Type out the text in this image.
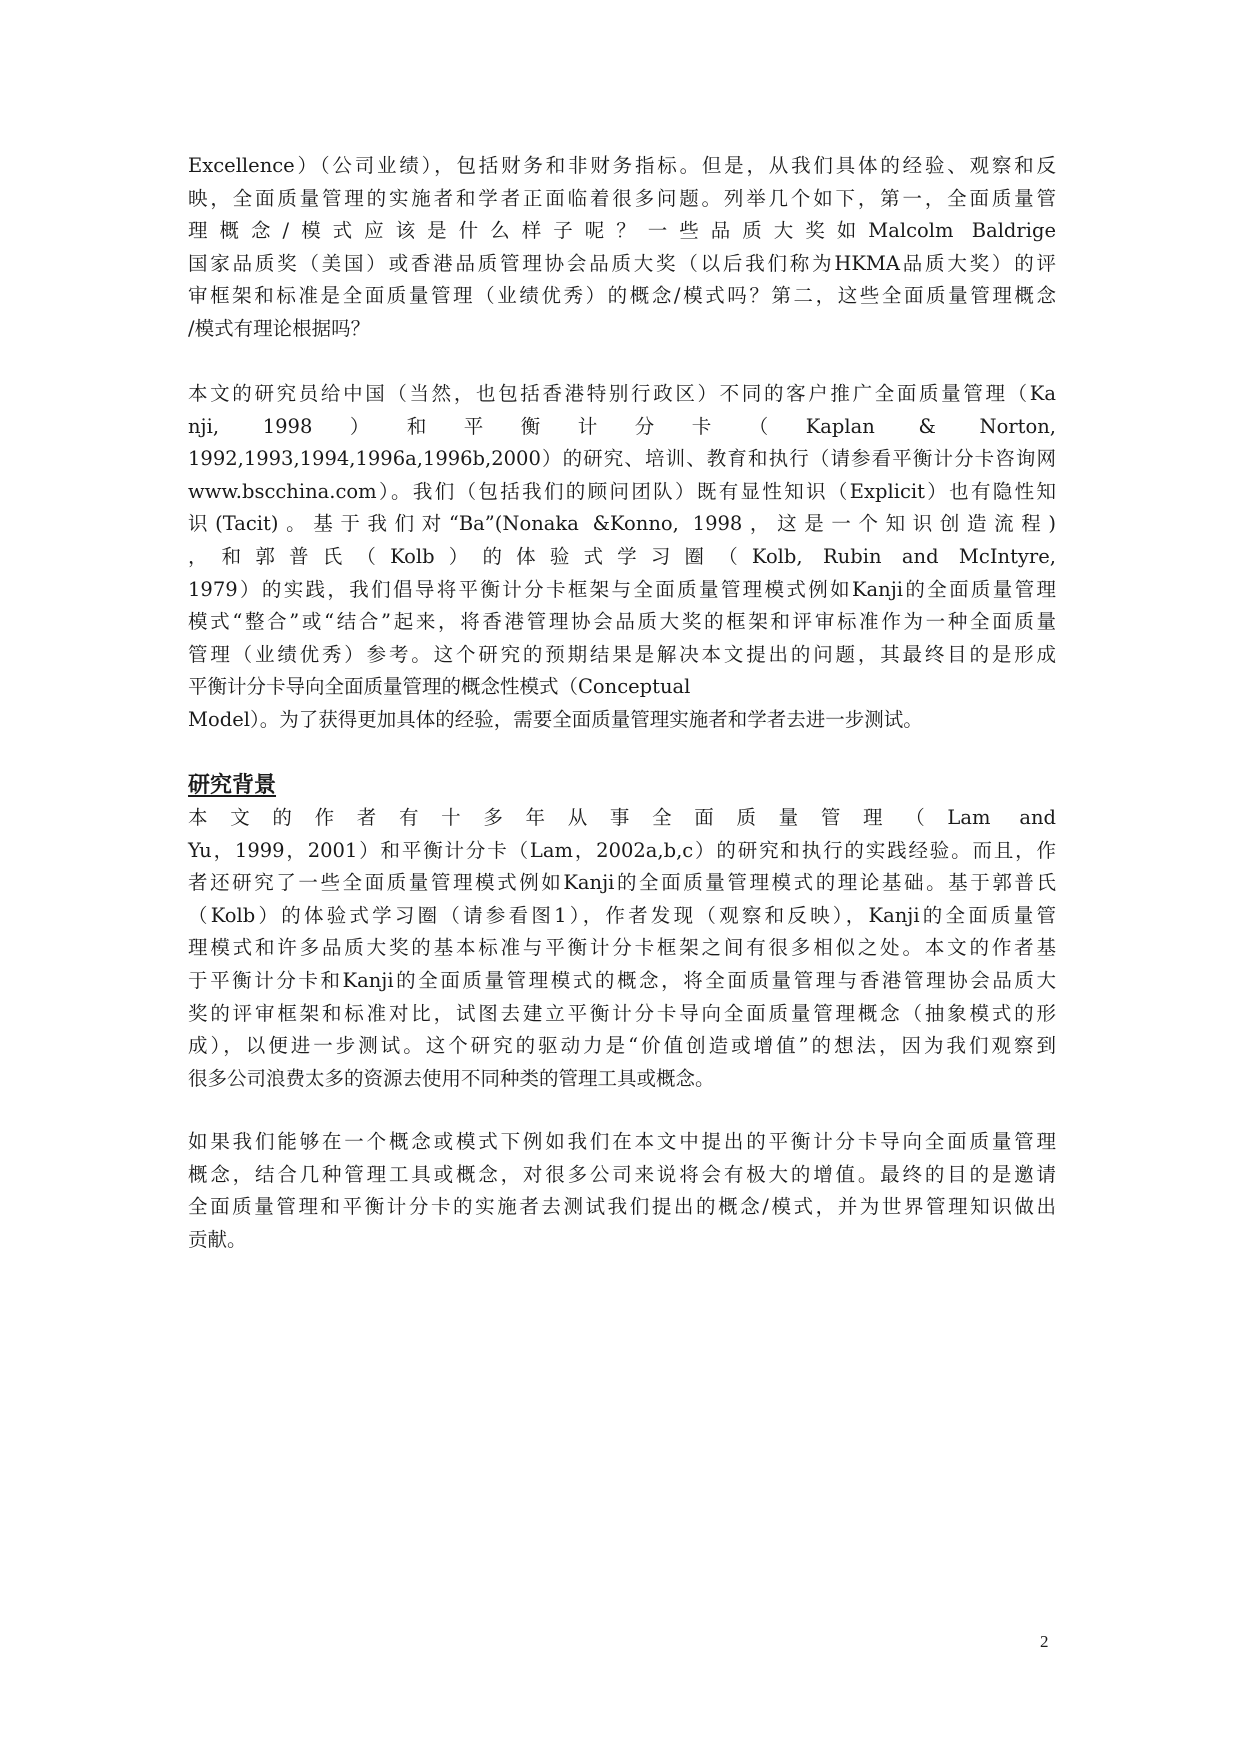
Excellence）（公司业绩），包括财务和非财务指标。但是，从我们具体的经验、观察和反
映，全面质量管理的实施者和学者正面临着很多问题。列举几个如下，第一，全面质量管
理概念/模式应该是什么样子呢？一些品质大奖如Malcolm Baldrige
国家品质奖（美国）或香港品质管理协会品质大奖（以后我们称为HKMA品质大奖）的评
审框架和标准是全面质量管理（业绩优秀）的概念/模式吗？第二，这些全面质量管理概念
/模式有理论根据吗？
本文的研究员给中国（当然，也包括香港特别行政区）不同的客户推广全面质量管理（Ka
nji, 1998）和平衡计分卡（Kaplan & Norton,
1992,1993,1994,1996a,1996b,2000）的研究、培训、教育和执行（请参看平衡计分卡咨询网
www.bscchina.com）。我们（包括我们的顾问团队）既有显性知识（Explicit）也有隐性知
识(Tacit)。基于我们对“Ba”(Nonaka &Konno, 1998，这是一个知识创造流程)
，和郭普氏（Kolb）的体验式学习圈（Kolb, Rubin and McIntyre,
1979）的实践，我们倡导将平衡计分卡框架与全面质量管理模式例如Kanji的全面质量管理
模式“整合”或“结合”起来，将香港管理协会品质大奖的框架和评审标准作为一种全面质量
管理（业绩优秀）参考。这个研究的预期结果是解决本文提出的问题，其最终目的是形成
平衡计分卡导向全面质量管理的概念性模式（Conceptual
Model）。为了获得更加具体的经验，需要全面质量管理实施者和学者去进一步测试。
研究背景
本文的作者有十多年从事全面质量管理（Lam and
Yu，1999，2001）和平衡计分卡（Lam，2002a,b,c）的研究和执行的实践经验。而且，作
者还研究了一些全面质量管理模式例如Kanji的全面质量管理模式的理论基础。基于郭普氏
（Kolb）的体验式学习圈（请参看图1），作者发现（观察和反映），Kanji的全面质量管
理模式和许多品质大奖的基本标准与平衡计分卡框架之间有很多相似之处。本文的作者基
于平衡计分卡和Kanji的全面质量管理模式的概念，将全面质量管理与香港管理协会品质大
奖的评审框架和标准对比，试图去建立平衡计分卡导向全面质量管理概念（抽象模式的形
成），以便进一步测试。这个研究的驱动力是“价值创造或增值”的想法，因为我们观察到
很多公司浪费太多的资源去使用不同种类的管理工具或概念。
如果我们能够在一个概念或模式下例如我们在本文中提出的平衡计分卡导向全面质量管理
概念，结合几种管理工具或概念，对很多公司来说将会有极大的增值。最终的目的是邀请
全面质量管理和平衡计分卡的实施者去测试我们提出的概念/模式，并为世界管理知识做出
贡献。
2
